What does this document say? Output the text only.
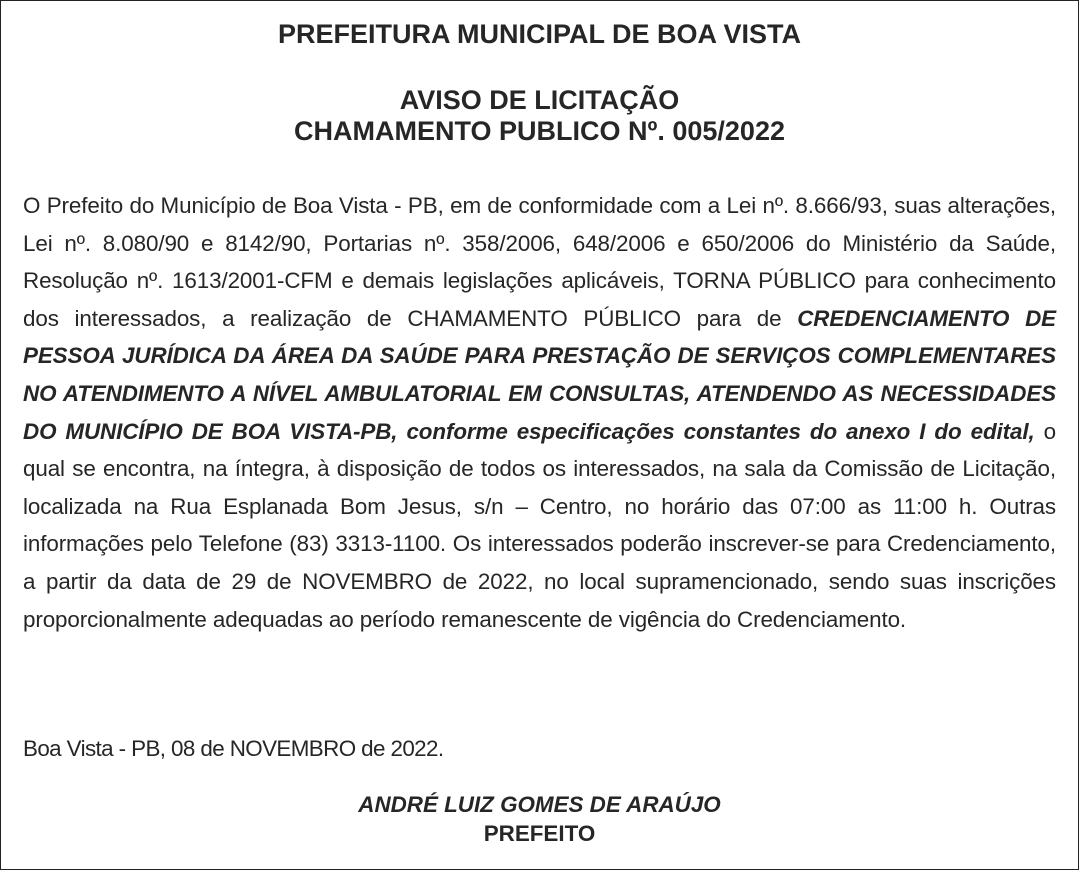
PREFEITURA MUNICIPAL DE BOA VISTA
AVISO DE LICITAÇÃO
CHAMAMENTO PUBLICO Nº. 005/2022
O Prefeito do Município de Boa Vista - PB, em de conformidade com a Lei nº. 8.666/93, suas alterações, Lei nº. 8.080/90 e 8142/90, Portarias nº. 358/2006, 648/2006 e 650/2006 do Ministério da Saúde, Resolução nº. 1613/2001-CFM e demais legislações aplicáveis, TORNA PÚBLICO para conhecimento dos interessados, a realização de CHAMAMENTO PÚBLICO para de CREDENCIAMENTO DE PESSOA JURÍDICA DA ÁREA DA SAÚDE PARA PRESTAÇÃO DE SERVIÇOS COMPLEMENTARES NO ATENDIMENTO A NÍVEL AMBULATORIAL EM CONSULTAS, ATENDENDO AS NECESSIDADES DO MUNICÍPIO DE BOA VISTA-PB, conforme especificações constantes do anexo I do edital, o qual se encontra, na íntegra, à disposição de todos os interessados, na sala da Comissão de Licitação, localizada na Rua Esplanada Bom Jesus, s/n – Centro, no horário das 07:00 as 11:00 h. Outras informações pelo Telefone (83) 3313-1100. Os interessados poderão inscrever-se para Credenciamento, a partir da data de 29 de NOVEMBRO de 2022, no local supramencionado, sendo suas inscrições proporcionalmente adequadas ao período remanescente de vigência do Credenciamento.
Boa Vista - PB, 08 de NOVEMBRO de 2022.
ANDRÉ LUIZ GOMES DE ARAÚJO
PREFEITO
